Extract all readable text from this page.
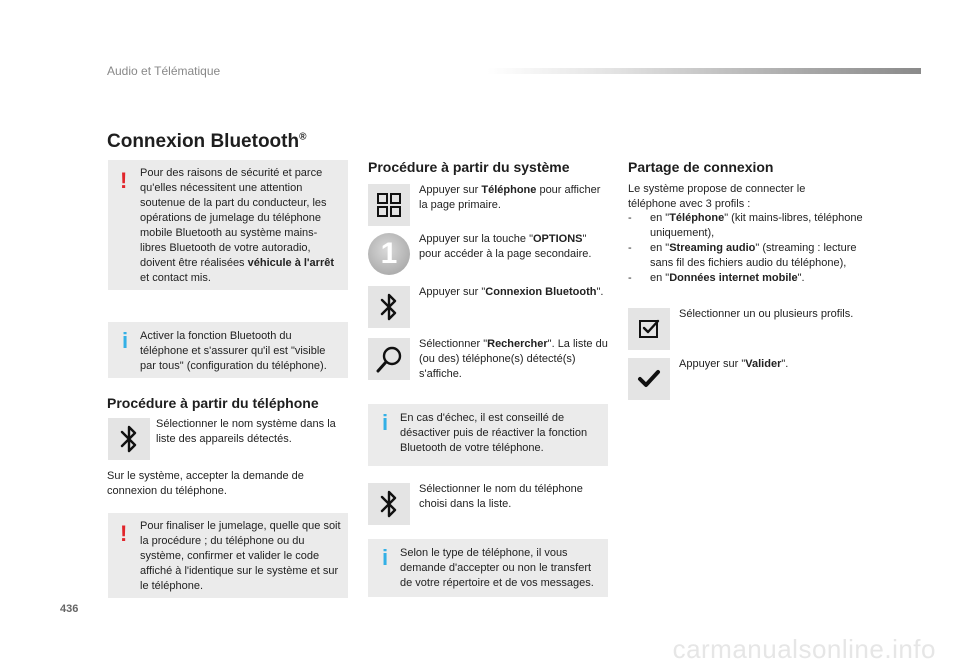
Audio et Télématique
Connexion Bluetooth®
! Pour des raisons de sécurité et parce qu'elles nécessitent une attention soutenue de la part du conducteur, les opérations de jumelage du téléphone mobile Bluetooth au système mains-libres Bluetooth de votre autoradio, doivent être réalisées véhicule à l'arrêt et contact mis.
i Activer la fonction Bluetooth du téléphone et s'assurer qu'il est "visible par tous" (configuration du téléphone).
Procédure à partir du téléphone
Sélectionner le nom système dans la liste des appareils détectés.
Sur le système, accepter la demande de connexion du téléphone.
! Pour finaliser le jumelage, quelle que soit la procédure ; du téléphone ou du système, confirmer et valider le code affiché à l'identique sur le système et sur le téléphone.
Procédure à partir du système
Appuyer sur Téléphone pour afficher la page primaire.
1	Appuyer sur la touche "OPTIONS" pour accéder à la page secondaire.
Appuyer sur "Connexion Bluetooth".
Sélectionner "Rechercher". La liste du (ou des) téléphone(s) détecté(s) s'affiche.
i En cas d'échec, il est conseillé de désactiver puis de réactiver la fonction Bluetooth de votre téléphone.
Sélectionner le nom du téléphone choisi dans la liste.
i Selon le type de téléphone, il vous demande d'accepter ou non le transfert de votre répertoire et de vos messages.
Partage de connexion
Le système propose de connecter le téléphone avec 3 profils :
- en "Téléphone" (kit mains-libres, téléphone uniquement),
- en "Streaming audio" (streaming : lecture sans fil des fichiers audio du téléphone),
- en "Données internet mobile".
Sélectionner un ou plusieurs profils.
Appuyer sur "Valider".
436
carmanualsonline.info
